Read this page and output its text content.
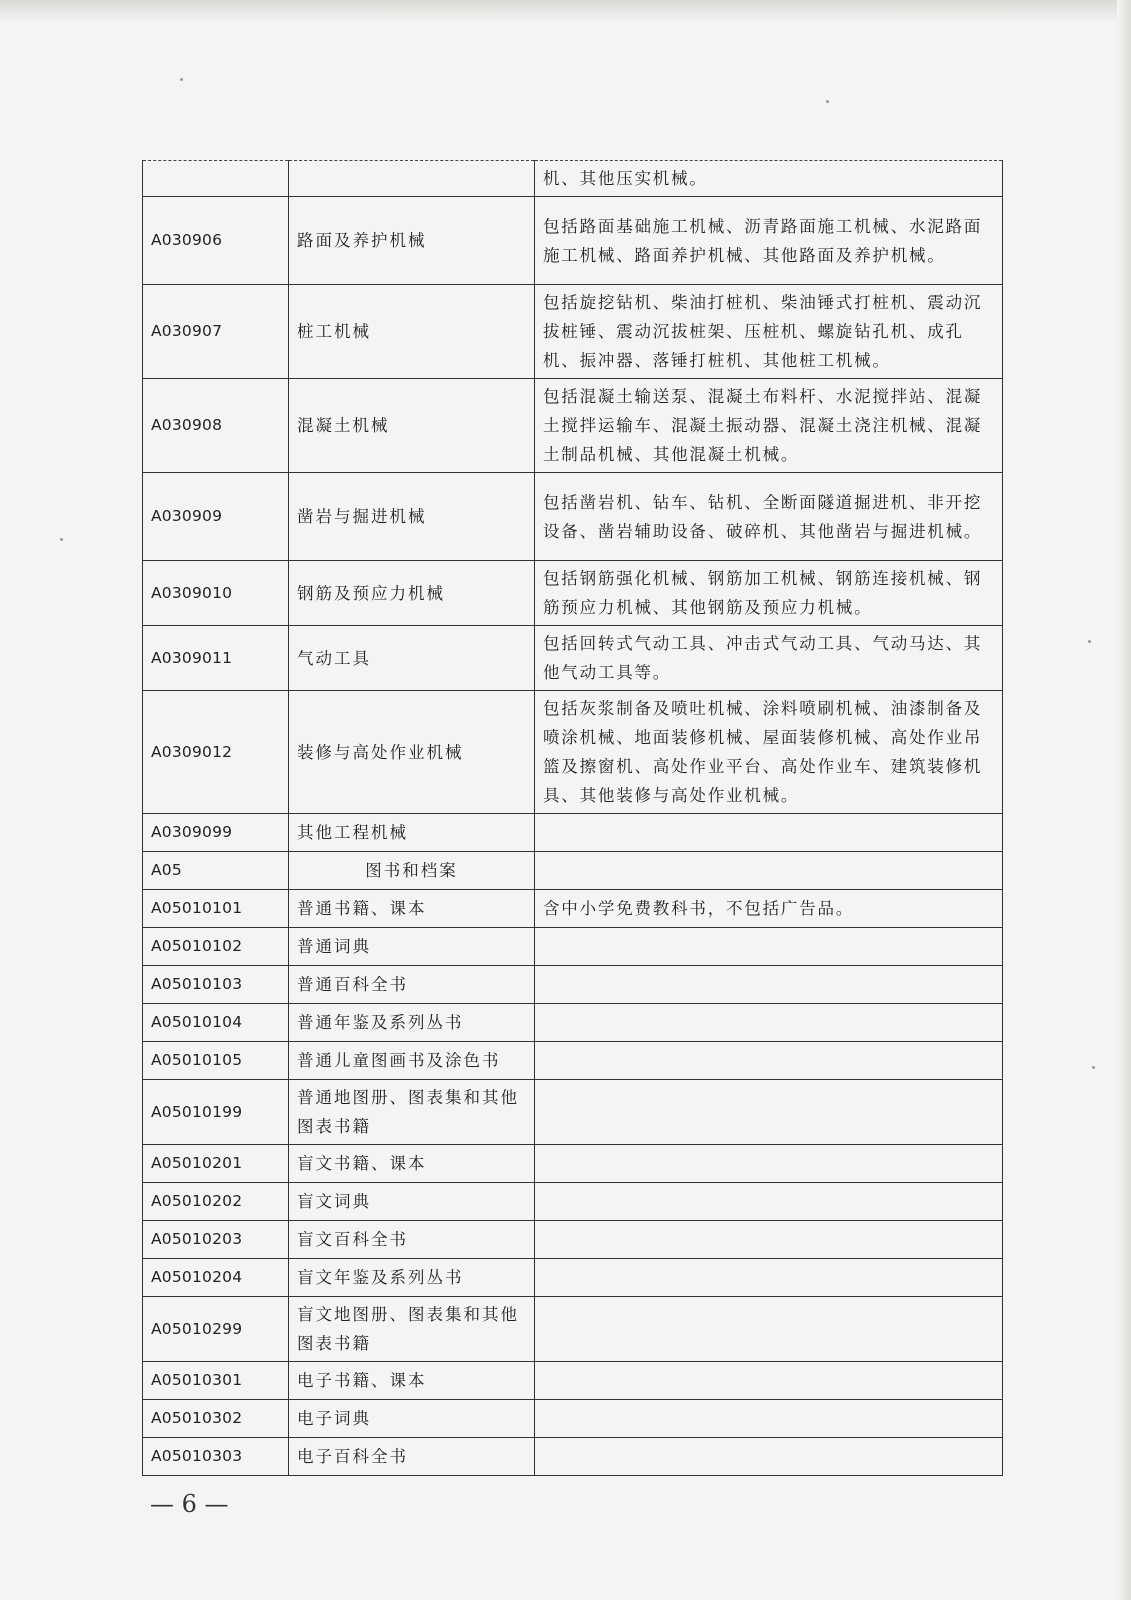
		机、其他压实机械。
A030906	路面及养护机械	包括路面基础施工机械、沥青路面施工机械、水泥路面施工机械、路面养护机械、其他路面及养护机械。
A030907	桩工机械	包括旋挖钻机、柴油打桩机、柴油锤式打桩机、震动沉拔桩锤、震动沉拔桩架、压桩机、螺旋钻孔机、成孔机、振冲器、落锤打桩机、其他桩工机械。
A030908	混凝土机械	包括混凝土输送泵、混凝土布料杆、水泥搅拌站、混凝土搅拌运输车、混凝土振动器、混凝土浇注机械、混凝土制品机械、其他混凝土机械。
A030909	凿岩与掘进机械	包括凿岩机、钻车、钻机、全断面隧道掘进机、非开挖设备、凿岩辅助设备、破碎机、其他凿岩与掘进机械。
A0309010	钢筋及预应力机械	包括钢筋强化机械、钢筋加工机械、钢筋连接机械、钢筋预应力机械、其他钢筋及预应力机械。
A0309011	气动工具	包括回转式气动工具、冲击式气动工具、气动马达、其他气动工具等。
A0309012	装修与高处作业机械	包括灰浆制备及喷吐机械、涂料喷刷机械、油漆制备及喷涂机械、地面装修机械、屋面装修机械、高处作业吊篮及擦窗机、高处作业平台、高处作业车、建筑装修机具、其他装修与高处作业机械。
A0309099	其他工程机械	
A05	图书和档案	
A05010101	普通书籍、课本	含中小学免费教科书，不包括广告品。
A05010102	普通词典	
A05010103	普通百科全书	
A05010104	普通年鉴及系列丛书	
A05010105	普通儿童图画书及涂色书	
A05010199	普通地图册、图表集和其他图表书籍	
A05010201	盲文书籍、课本	
A05010202	盲文词典	
A05010203	盲文百科全书	
A05010204	盲文年鉴及系列丛书	
A05010299	盲文地图册、图表集和其他图表书籍	
A05010301	电子书籍、课本	
A05010302	电子词典	
A05010303	电子百科全书	
— 6 —
